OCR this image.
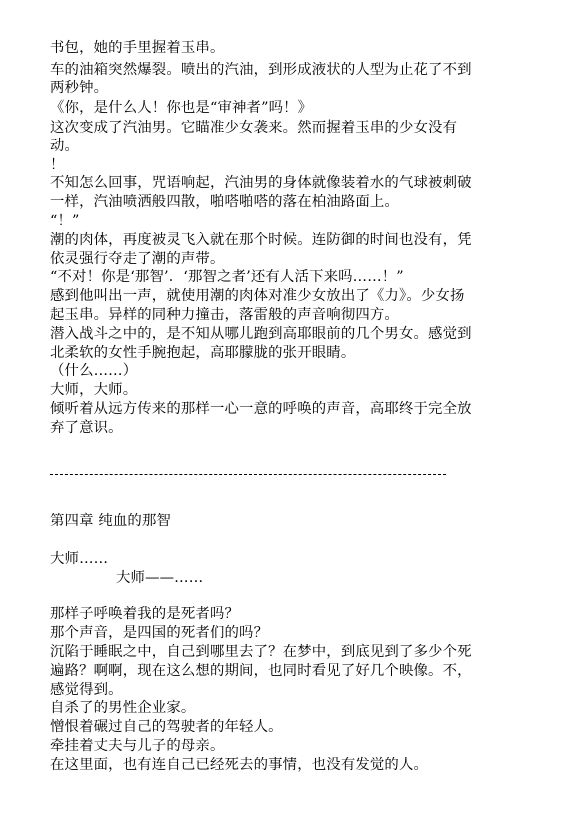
书包，她的手里握着玉串。
车的油箱突然爆裂。喷出的汽油，到形成液状的人型为止花了不到
两秒钟。
《你，是什么人！你也是“审神者”吗！》
这次变成了汽油男。它瞄准少女袭来。然而握着玉串的少女没有
动。
！
不知怎么回事，咒语响起，汽油男的身体就像装着水的气球被刺破
一样，汽油喷洒般四散，啪嗒啪嗒的落在柏油路面上。
“！”
潮的肉体，再度被灵飞入就在那个时候。连防御的时间也没有，凭
依灵强行夺走了潮的声带。
“不对！你是‘那智’．‘那智之者’还有人活下来吗……！”
感到他叫出一声，就使用潮的肉体对准少女放出了《力》。少女扬
起玉串。异样的同种力撞击，落雷般的声音响彻四方。
潜入战斗之中的，是不知从哪儿跑到高耶眼前的几个男女。感觉到
北柔软的女性手腕抱起，高耶朦胧的张开眼睛。
（什么……）
大师，大师。
倾听着从远方传来的那样一心一意的呼唤的声音，高耶终于完全放
弃了意识。
第四章 纯血的那智
大师……
大师——……
那样子呼唤着我的是死者吗？
那个声音，是四国的死者们的吗？
沉陷于睡眠之中，自己到哪里去了？在梦中，到底见到了多少个死
遍路？啊啊，现在这么想的期间，也同时看见了好几个映像。不，
感觉得到。
自杀了的男性企业家。
憎恨着碾过自己的驾驶者的年轻人。
牵挂着丈夫与儿子的母亲。
在这里面，也有连自己已经死去的事情，也没有发觉的人。
